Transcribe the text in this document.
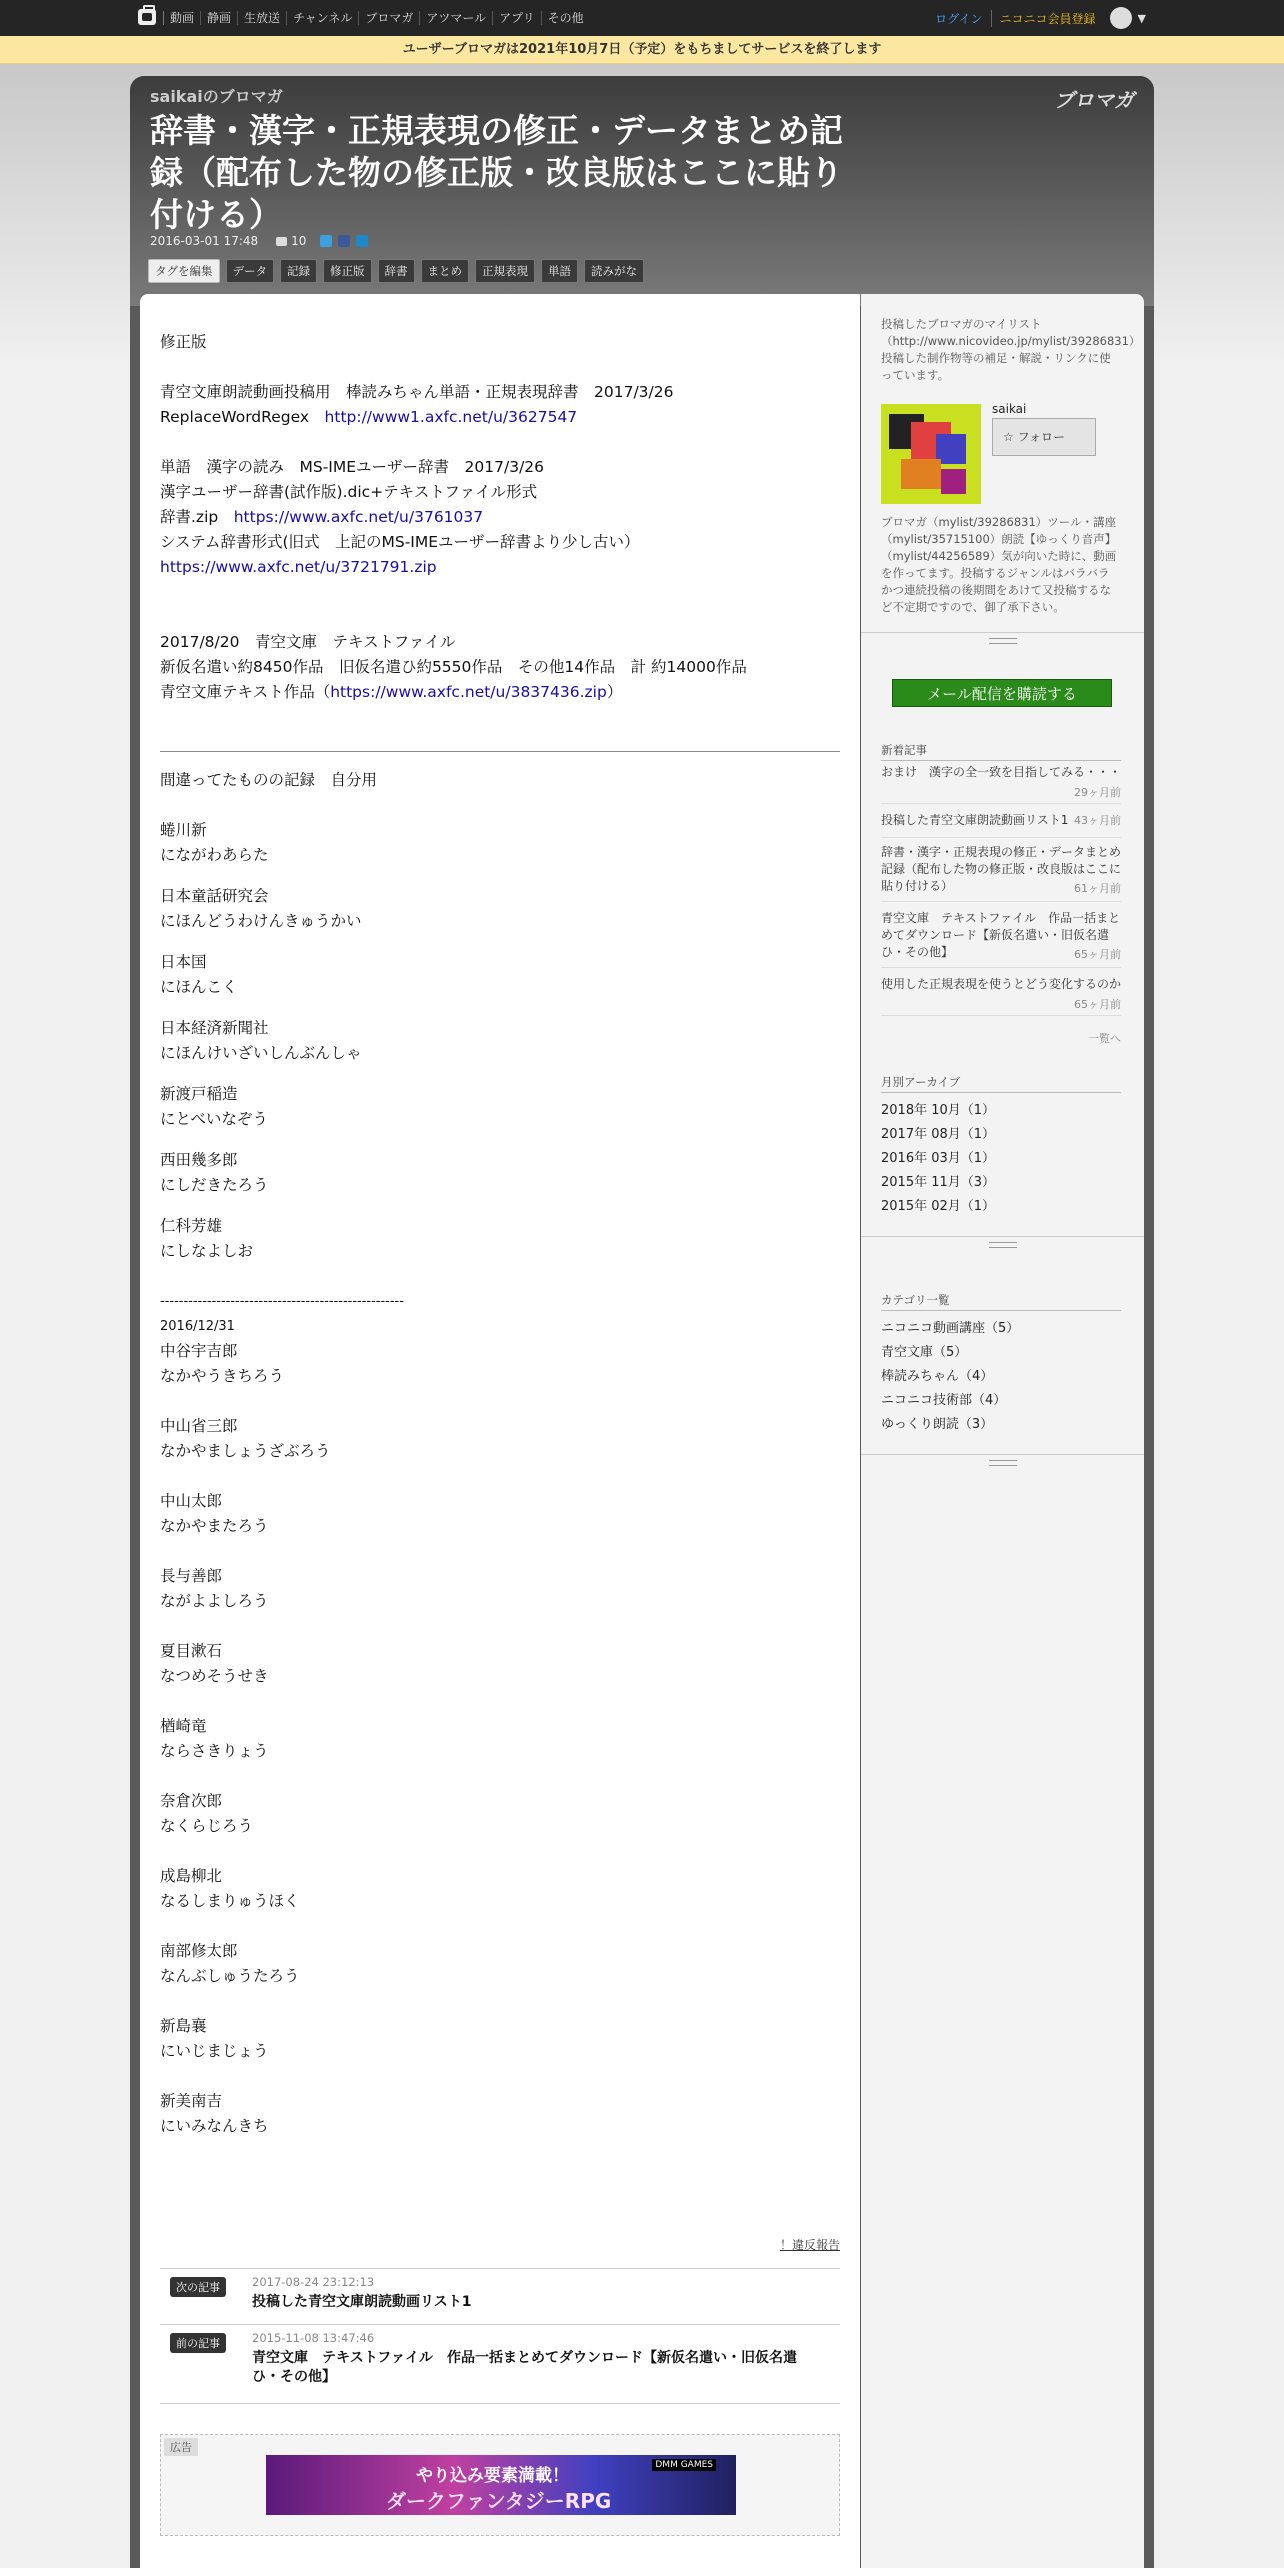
動画	静画	生放送	チャンネル	ブロマガ	アツマール	アプリ	その他	ログイン	ニコニコ会員登録	▼
ユーザーブロマガは2021年10月7日（予定）をもちましてサービスを終了します
saikaiのブロマガ	ブロマガ
辞書・漢字・正規表現の修正・データまとめ記録（配布した物の修正版・改良版はここに貼り付ける）
2016-03-01 17:48	10
タグを編集	データ	記録	修正版	辞書	まとめ	正規表現	単語	読みがな

修正版

青空文庫朗読動画投稿用　棒読みちゃん単語・正規表現辞書　2017/3/26
ReplaceWordRegex　http://www1.axfc.net/u/3627547

単語　漢字の読み　MS-IMEユーザー辞書　2017/3/26
漢字ユーザー辞書(試作版).dic+テキストファイル形式
辞書.zip　https://www.axfc.net/u/3761037

システム辞書形式(旧式　上記のMS-IMEユーザー辞書より少し古い）

https://www.axfc.net/u/3721791.zip

2017/8/20　青空文庫　テキストファイル
新仮名遣い約8450作品　旧仮名遣ひ約5550作品　その他14作品　計 約14000作品
青空文庫テキスト作品（https://www.axfc.net/u/3837436.zip）

間違ってたものの記録　自分用

蜷川新
にながわあらた

日本童話研究会
にほんどうわけんきゅうかい

日本国
にほんこく

日本経済新聞社
にほんけいざいしんぶんしゃ

新渡戸稲造
にとべいなぞう

西田幾多郎
にしだきたろう

仁科芳雄
にしなよしお

----------------------------------------------------
2016/12/31

中谷宇吉郎
なかやうきちろう

中山省三郎
なかやましょうざぶろう

中山太郎
なかやまたろう

長与善郎
ながよよしろう

夏目漱石
なつめそうせき

楢崎竜
ならさきりょう

奈倉次郎
なくらじろう

成島柳北
なるしまりゅうほく

南部修太郎
なんぶしゅうたろう

新島襄
にいじまじょう

新美南吉
にいみなんきち

！違反報告
次の記事	2017-08-24 23:12:13
投稿した青空文庫朗読動画リスト1
前の記事	2015-11-08 13:47:46
青空文庫　テキストファイル　作品一括まとめてダウンロード【新仮名遣い・旧仮名遣ひ・その他】
広告
DMM GAMES
やり込み要素満載！
ダークファンタジーRPG
投稿したブロマガのマイリスト（http://www.nicovideo.jp/mylist/39286831）
投稿した制作物等の補足・解説・リンクに使っています。
saikai
☆ フォロー
ブロマガ（mylist/39286831）ツール・講座（mylist/35715100）朗読【ゆっくり音声】（mylist/44256589）気が向いた時に、動画を作ってます。投稿するジャンルはバラバラかつ連続投稿の後期間をあけて又投稿するなど不定期ですので、御了承下さい。
メール配信を購読する
新着記事
おまけ　漢字の全一致を目指してみる・・・
29ヶ月前
投稿した青空文庫朗読動画リスト1 43ヶ月前
辞書・漢字・正規表現の修正・データまとめ記録（配布した物の修正版・改良版はここに貼り付ける）	61ヶ月前
青空文庫　テキストファイル　作品一括まとめてダウンロード【新仮名遣い・旧仮名遣ひ・その他】	65ヶ月前
使用した正規表現を使うとどう変化するのか
65ヶ月前
一覧へ
月別アーカイブ
2018年 10月（1）
2017年 08月（1）
2016年 03月（1）
2015年 11月（3）
2015年 02月（1）
カテゴリ一覧
ニコニコ動画講座（5）
青空文庫（5）
棒読みちゃん（4）
ニコニコ技術部（4）
ゆっくり朗読（3）
